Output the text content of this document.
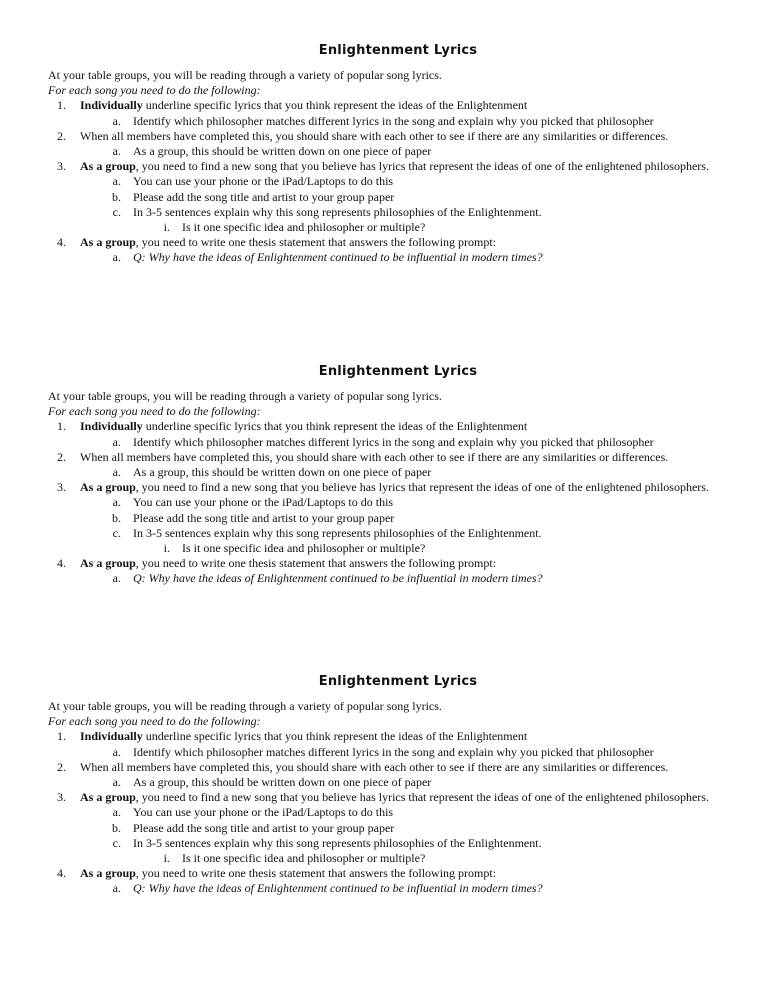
Enlightenment Lyrics
At your table groups, you will be reading through a variety of popular song lyrics.
For each song you need to do the following:
1. Individually underline specific lyrics that you think represent the ideas of the Enlightenment
a. Identify which philosopher matches different lyrics in the song and explain why you picked that philosopher
2. When all members have completed this, you should share with each other to see if there are any similarities or differences.
a. As a group, this should be written down on one piece of paper
3. As a group, you need to find a new song that you believe has lyrics that represent the ideas of one of the enlightened philosophers.
a. You can use your phone or the iPad/Laptops to do this
b. Please add the song title and artist to your group paper
c. In 3-5 sentences explain why this song represents philosophies of the Enlightenment.
i. Is it one specific idea and philosopher or multiple?
4. As a group, you need to write one thesis statement that answers the following prompt:
a. Q: Why have the ideas of Enlightenment continued to be influential in modern times?
Enlightenment Lyrics
At your table groups, you will be reading through a variety of popular song lyrics.
For each song you need to do the following:
1. Individually underline specific lyrics that you think represent the ideas of the Enlightenment
a. Identify which philosopher matches different lyrics in the song and explain why you picked that philosopher
2. When all members have completed this, you should share with each other to see if there are any similarities or differences.
a. As a group, this should be written down on one piece of paper
3. As a group, you need to find a new song that you believe has lyrics that represent the ideas of one of the enlightened philosophers.
a. You can use your phone or the iPad/Laptops to do this
b. Please add the song title and artist to your group paper
c. In 3-5 sentences explain why this song represents philosophies of the Enlightenment.
i. Is it one specific idea and philosopher or multiple?
4. As a group, you need to write one thesis statement that answers the following prompt:
a. Q: Why have the ideas of Enlightenment continued to be influential in modern times?
Enlightenment Lyrics
At your table groups, you will be reading through a variety of popular song lyrics.
For each song you need to do the following:
1. Individually underline specific lyrics that you think represent the ideas of the Enlightenment
a. Identify which philosopher matches different lyrics in the song and explain why you picked that philosopher
2. When all members have completed this, you should share with each other to see if there are any similarities or differences.
a. As a group, this should be written down on one piece of paper
3. As a group, you need to find a new song that you believe has lyrics that represent the ideas of one of the enlightened philosophers.
a. You can use your phone or the iPad/Laptops to do this
b. Please add the song title and artist to your group paper
c. In 3-5 sentences explain why this song represents philosophies of the Enlightenment.
i. Is it one specific idea and philosopher or multiple?
4. As a group, you need to write one thesis statement that answers the following prompt:
a. Q: Why have the ideas of Enlightenment continued to be influential in modern times?
